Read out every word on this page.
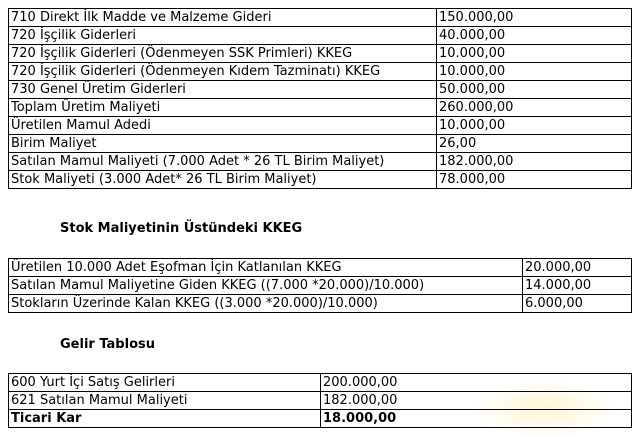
710 Direkt İlk Madde ve Malzeme Gideri	150.000,00
720 İşçilik Giderleri	40.000,00
720 İşçilik Giderleri (Ödenmeyen SSK Primleri) KKEG	10.000,00
720 İşçilik Giderleri (Ödenmeyen Kıdem Tazminatı) KKEG	10.000,00
730 Genel Üretim Giderleri	50.000,00
Toplam Üretim Maliyeti	260.000,00
Üretilen Mamul Adedi	10.000,00
Birim Maliyet	26,00
Satılan Mamul Maliyeti (7.000 Adet * 26 TL Birim Maliyet)	182.000,00
Stok Maliyeti (3.000 Adet* 26 TL Birim Maliyet)	78.000,00
Stok Maliyetinin Üstündeki KKEG
Üretilen 10.000 Adet Eşofman İçin Katlanılan KKEG	20.000,00
Satılan Mamul Maliyetine Giden KKEG ((7.000 *20.000)/10.000)	14.000,00
Stokların Üzerinde Kalan KKEG ((3.000 *20.000)/10.000)	6.000,00
Gelir Tablosu
600 Yurt İçi Satış Gelirleri	200.000,00
621 Satılan Mamul Maliyeti	182.000,00
Ticari Kar	18.000,00
